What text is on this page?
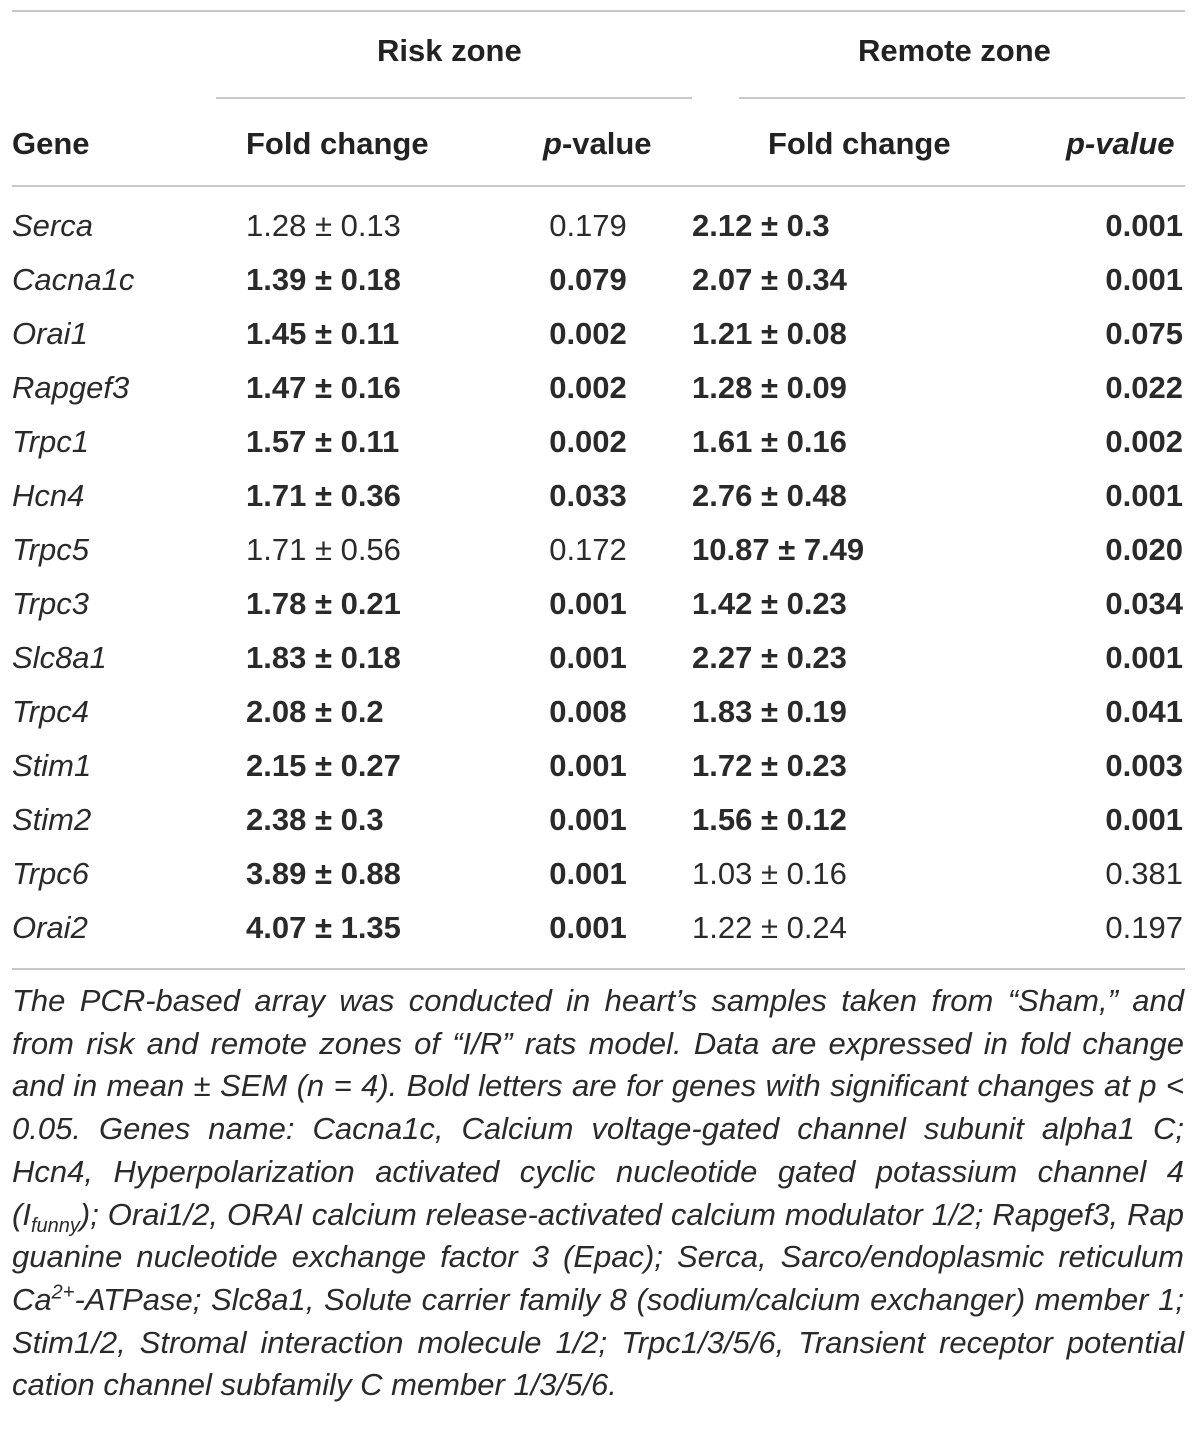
Risk zone	Remote zone
Gene	Fold change	p-value	Fold change	p-value
Serca	1.28 ± 0.13	0.179	2.12 ± 0.3	0.001
Cacna1c	1.39 ± 0.18	0.079	2.07 ± 0.34	0.001
Orai1	1.45 ± 0.11	0.002	1.21 ± 0.08	0.075
Rapgef3	1.47 ± 0.16	0.002	1.28 ± 0.09	0.022
Trpc1	1.57 ± 0.11	0.002	1.61 ± 0.16	0.002
Hcn4	1.71 ± 0.36	0.033	2.76 ± 0.48	0.001
Trpc5	1.71 ± 0.56	0.172	10.87 ± 7.49	0.020
Trpc3	1.78 ± 0.21	0.001	1.42 ± 0.23	0.034
Slc8a1	1.83 ± 0.18	0.001	2.27 ± 0.23	0.001
Trpc4	2.08 ± 0.2	0.008	1.83 ± 0.19	0.041
Stim1	2.15 ± 0.27	0.001	1.72 ± 0.23	0.003
Stim2	2.38 ± 0.3	0.001	1.56 ± 0.12	0.001
Trpc6	3.89 ± 0.88	0.001	1.03 ± 0.16	0.381
Orai2	4.07 ± 1.35	0.001	1.22 ± 0.24	0.197
The PCR-based array was conducted in heart’s samples taken from “Sham,” and from risk and remote zones of “I/R” rats model. Data are expressed in fold change and in mean ± SEM (n = 4). Bold letters are for genes with significant changes at p < 0.05. Genes name: Cacna1c, Calcium voltage-gated channel subunit alpha1 C; Hcn4, Hyperpolarization activated cyclic nucleotide gated potassium channel 4 $(I_{funny})$; Orai1/2, ORAI calcium release-activated calcium modulator 1/2; Rapgef3, Rap guanine nucleotide exchange factor 3 (Epac); Serca, Sarco/endoplasmic reticulum $Ca^{2+}$-ATPase; Slc8a1, Solute carrier family 8 (sodium/calcium exchanger) member 1; Stim1/2, Stromal interaction molecule 1/2; Trpc1/3/5/6, Transient receptor potential cation channel subfamily C member 1/3/5/6.
